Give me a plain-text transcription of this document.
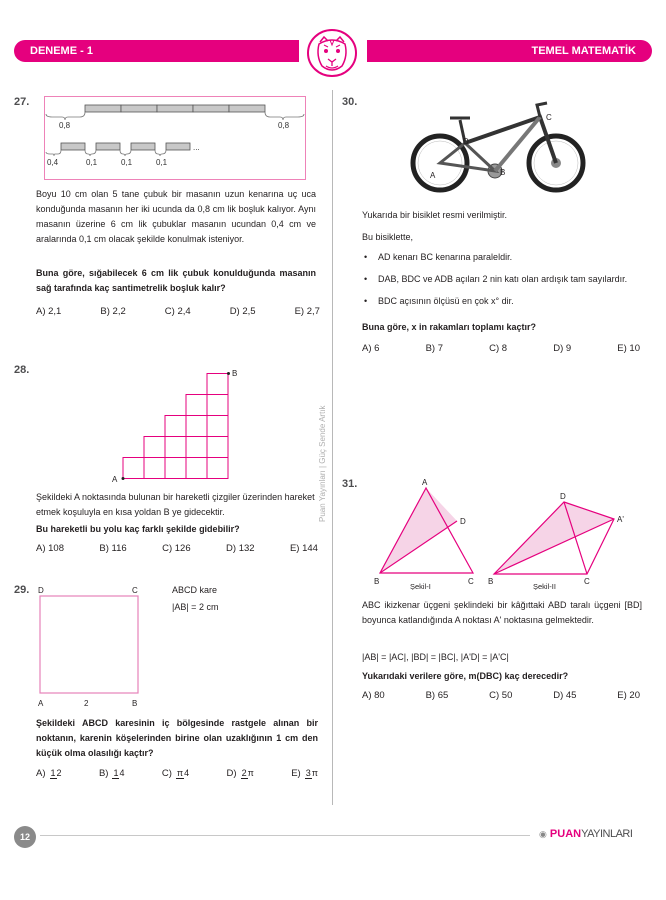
DENEME - 1	TEMEL MATEMATİK
Puan Yayınları | Güç Sende Artık
27.
0,8	0,8
0,4	0,1	0,1	0,1
...
Boyu 10 cm olan 5 tane çubuk bir masanın uzun kenarına uç uca konduğunda masanın her iki ucunda da 0,8 cm lik boşluk kalıyor. Aynı masanın üzerine 6 cm lik çubuklar masanın ucundan 0,4 cm ve aralarında 0,1 cm olacak şekilde konulmak isteniyor.
Buna göre, sığabilecek 6 cm lik çubuk konulduğunda masanın sağ tarafında kaç santimetrelik boşluk kalır?
A) 2,1	B) 2,2	C) 2,4	D) 2,5	E) 2,7
28.
A
B
Şekildeki A noktasında bulunan bir hareketli çizgiler üzerinden hareket etmek koşuluyla en kısa yoldan B ye gidecektir.
Bu hareketli bu yolu kaç farklı şekilde gidebilir?
A) 108	B) 116	C) 126	D) 132	E) 144
29. D	C
A	B
2
ABCD kare
|AB| = 2 cm
Şekildeki ABCD karesinin iç bölgesinde rastgele alınan bir noktanın, karenin köşelerinden birine olan uzaklığının 1 cm den küçük olma olasılığı kaçtır?
A) 12	B) 14	C) π4	D) 2π	E) 3π
30.
A	B
C
D
Yukarıda bir bisiklet resmi verilmiştir.
Bu bisiklette,
• AD kenarı BC kenarına paraleldir.
• DAB, BDC ve ADB açıları 2 nin katı olan ardışık tam sayılardır.
• BDC açısının ölçüsü en çok x° dir.
Buna göre, x in rakamları toplamı kaçtır?
A) 6	B) 7	C) 8	D) 9	E) 10
31.	A
B	C
D
Şekil-I
D
B	C
A'
Şekil-II
ABC ikizkenar üçgeni şeklindeki bir kâğıttaki ABD taralı üçgeni [BD] boyunca katlandığında A noktası A' noktasına gelmektedir.
|AB| = |AC|, |BD| = |BC|, |A'D| = |A'C|
Yukarıdaki verilere göre, m(DBC) kaç derecedir?
A) 80	B) 65	C) 50	D) 45	E) 20
12	◉ PUANYAYINLARI
